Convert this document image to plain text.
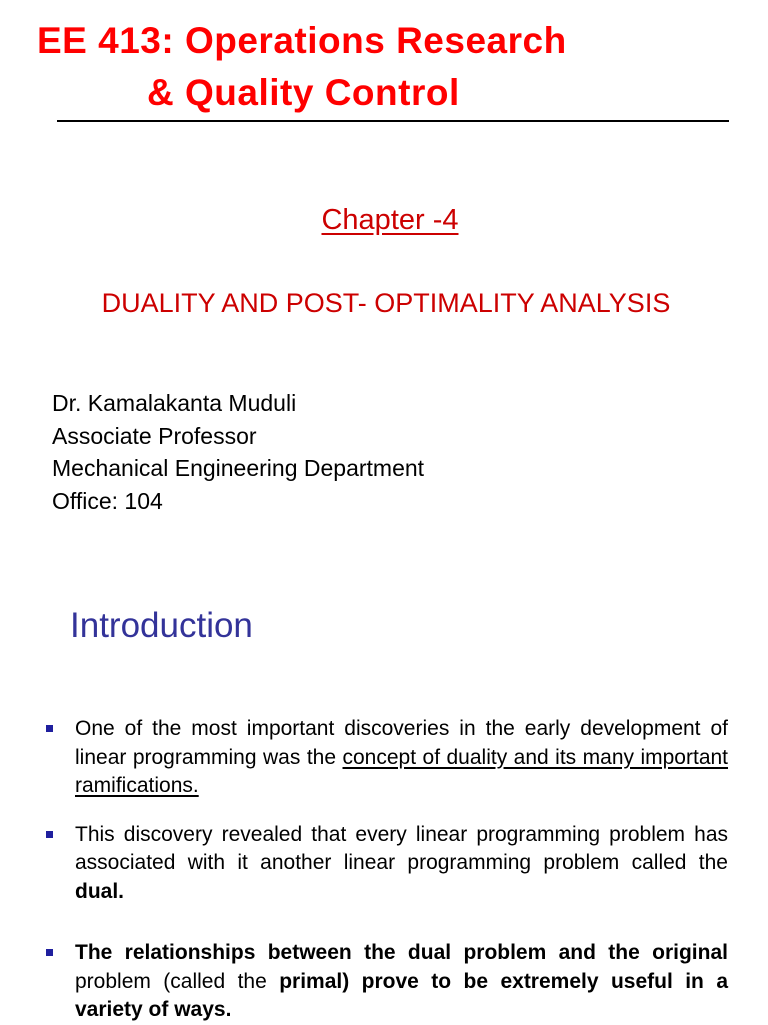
EE 413: Operations Research
& Quality Control
Chapter -4
DUALITY AND POST- OPTIMALITY ANALYSIS
Dr. Kamalakanta Muduli
Associate Professor
Mechanical Engineering Department
Office: 104
Introduction
One of the most important discoveries in the early development of linear programming was the concept of duality and its many important ramifications.
This discovery revealed that every linear programming problem has associated with it another linear programming problem called the dual.
The relationships between the dual problem and the original problem (called the primal) prove to be extremely useful in a variety of ways.
